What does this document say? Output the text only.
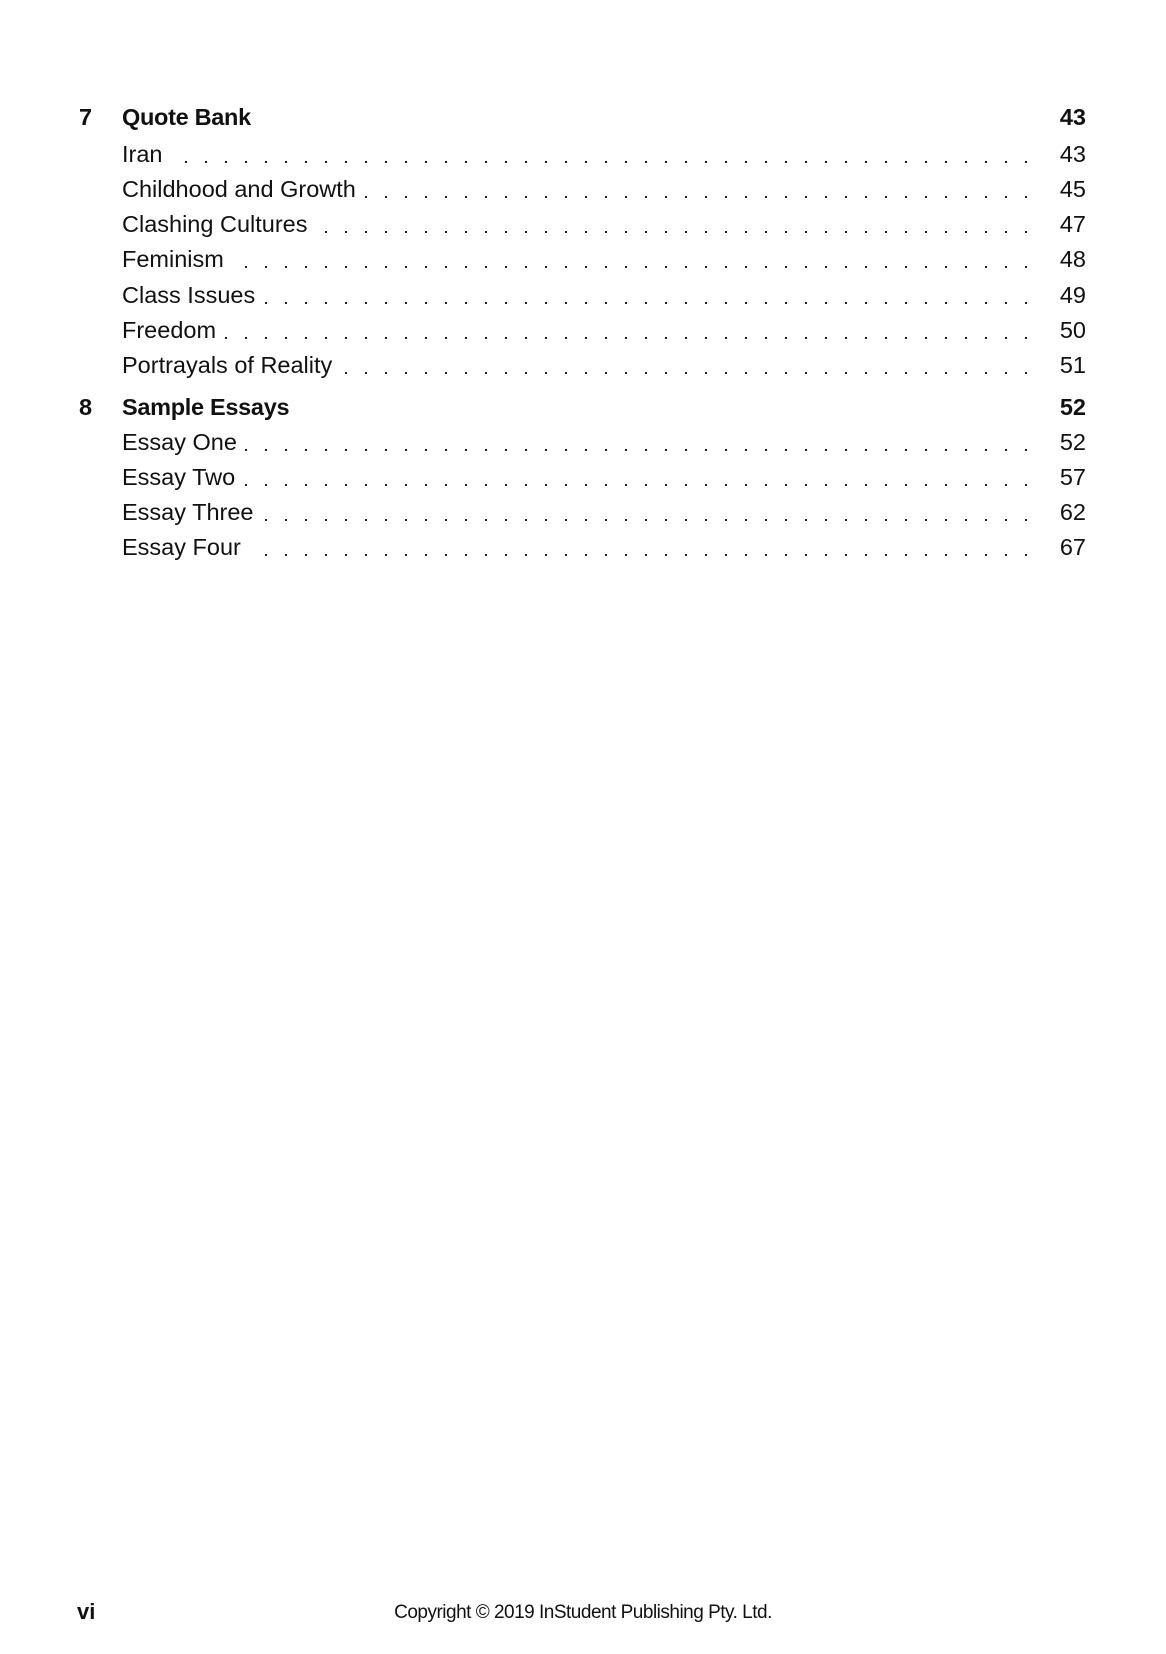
7 Quote Bank	43
Iran	43
Childhood and Growth	45
Clashing Cultures	47
Feminism	48
Class Issues	49
Freedom	50
Portrayals of Reality	51
8 Sample Essays	52
Essay One	52
Essay Two	57
Essay Three	62
Essay Four	67
vi	Copyright © 2019 InStudent Publishing Pty. Ltd.
